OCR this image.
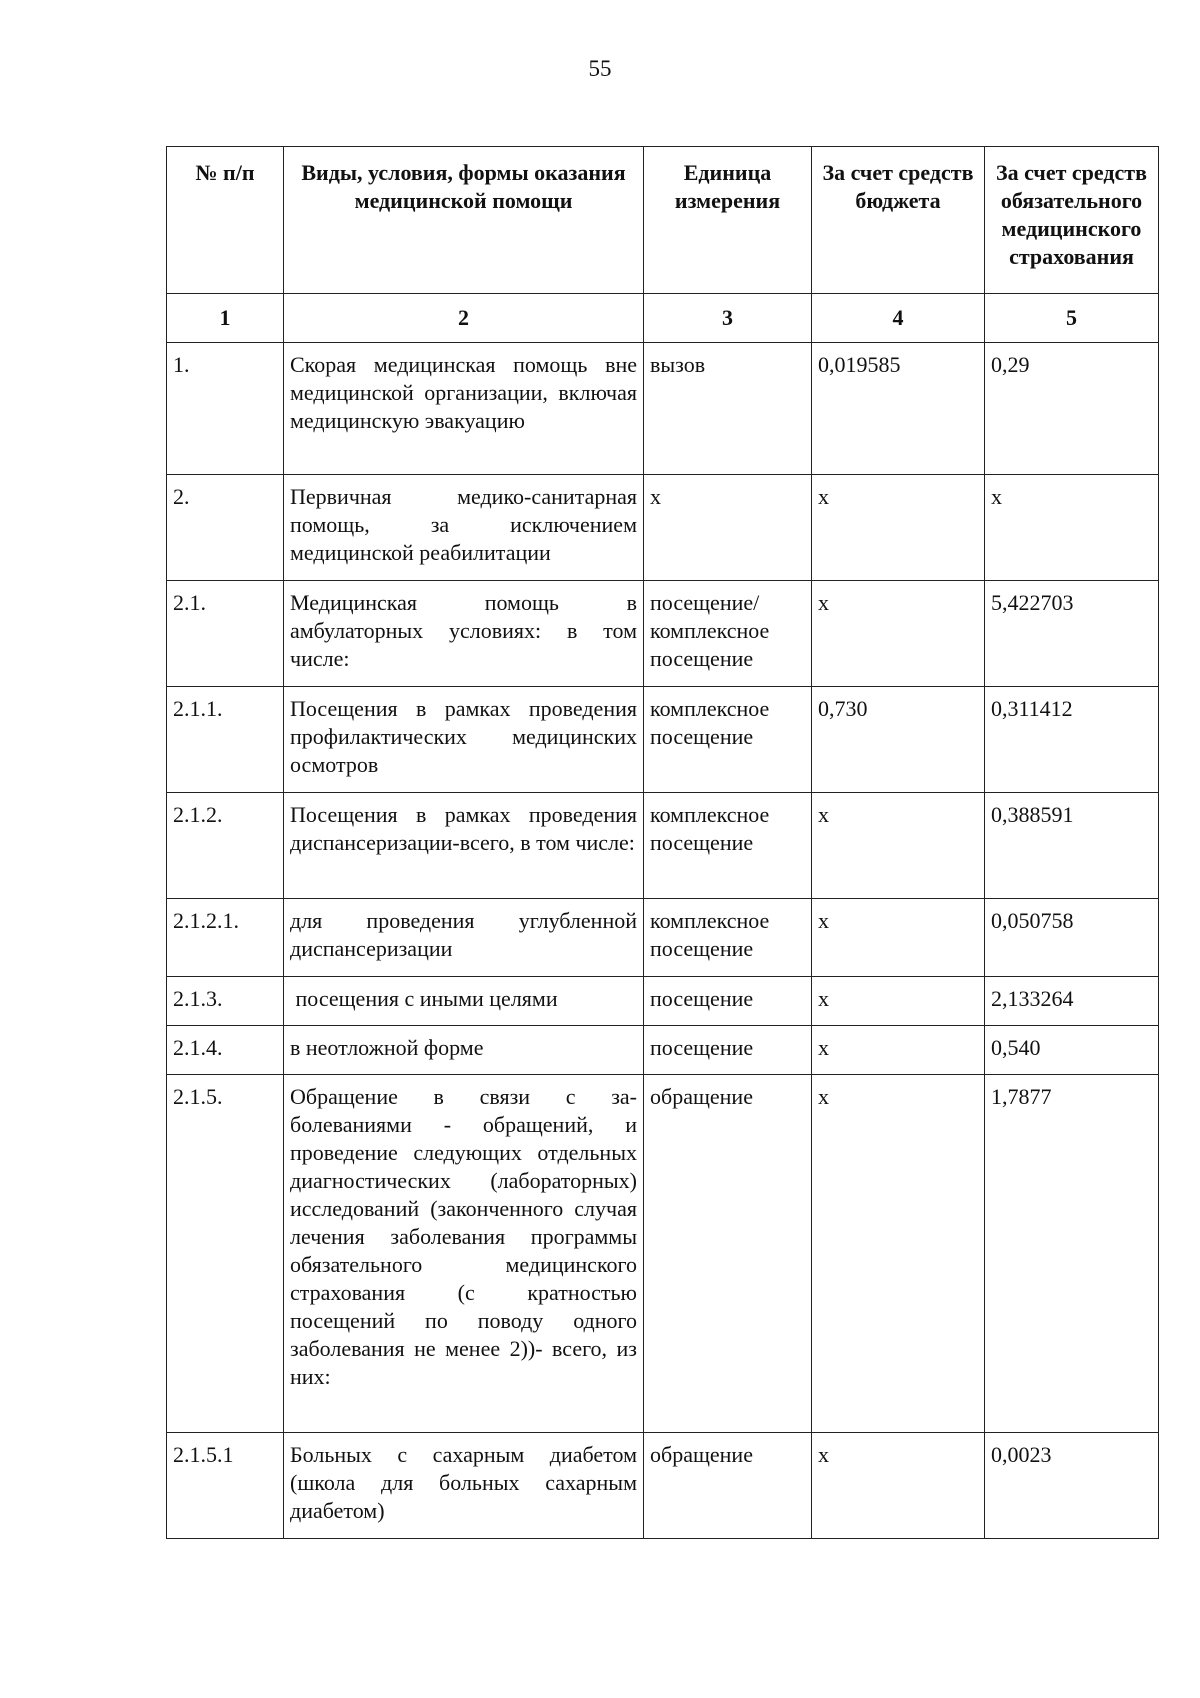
55
№ п/п	Виды, условия, формы оказания медицинской помощи	Единица измерения	За счет средств бюджета	За счет средств обязательного медицинского страхования
1	2	3	4	5
1.	Скорая медицинская помощь вне медицинской организации, включая медицинскую эвакуацию	вызов	0,019585	0,29
2.	Первичная медико-санитарная помощь, за исключением медицинской реабилитации	х	х	х
2.1.	Медицинская помощь в амбулаторных условиях: в том числе:	посещение/ комплексное посещение	х	5,422703
2.1.1.	Посещения в рамках проведения профилактических медицинских осмотров	комплексное посещение	0,730	0,311412
2.1.2.	Посещения в рамках проведения диспансеризации-всего, в том числе:	комплексное посещение	х	0,388591
2.1.2.1.	для проведения углубленной диспансеризации	комплексное посещение	х	0,050758
2.1.3.	посещения с иными целями	посещение	х	2,133264
2.1.4.	в неотложной форме	посещение	х	0,540
2.1.5.	Обращение в связи с за-болеваниями - обращений, и проведение следующих отдельных диагностических (лабораторных) исследований (законченного случая лечения заболевания программы обязательного медицинского страхования (с кратностью посещений по поводу одного заболевания не менее 2))- всего, из них:	обращение	х	1,7877
2.1.5.1	Больных с сахарным диабетом (школа для больных сахарным диабетом)	обращение	х	0,0023
